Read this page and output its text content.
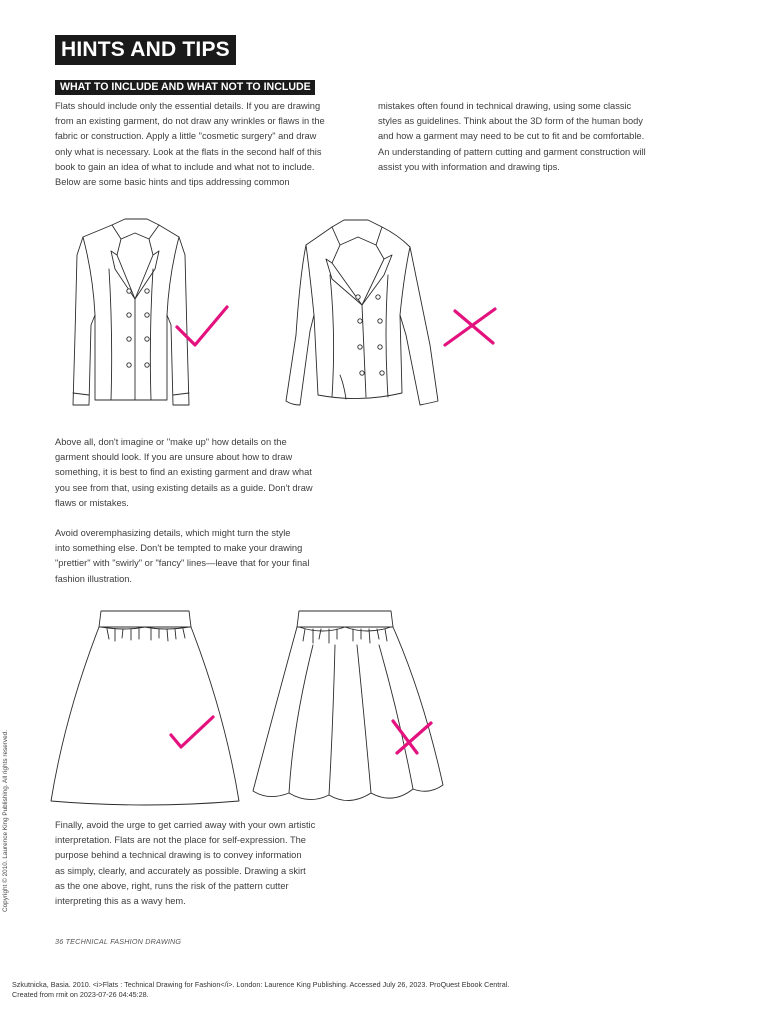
HINTS AND TIPS
WHAT TO INCLUDE AND WHAT NOT TO INCLUDE

Flats should include only the essential details. If you are drawing

from an existing garment, do not draw any wrinkles or flaws in the

fabric or construction. Apply a little "cosmetic surgery" and draw

only what is necessary. Look at the flats in the second half of this

book to gain an idea of what to include and what not to include.

Below are some basic hints and tips addressing common

mistakes often found in technical drawing, using some classic

styles as guidelines. Think about the 3D form of the human body

and how a garment may need to be cut to fit and be comfortable.

An understanding of pattern cutting and garment construction will

assist you with information and drawing tips.

Above all, don't imagine or "make up" how details on the

garment should look. If you are unsure about how to draw

something, it is best to find an existing garment and draw what

you see from that, using existing details as a guide. Don't draw

flaws or mistakes.

Avoid overemphasizing details, which might turn the style

into something else. Don't be tempted to make your drawing

"prettier" with "swirly" or "fancy" lines—leave that for your final

fashion illustration.

Finally, avoid the urge to get carried away with your own artistic

interpretation. Flats are not the place for self-expression. The

purpose behind a technical drawing is to convey information

as simply, clearly, and accurately as possible. Drawing a skirt

as the one above, right, runs the risk of the pattern cutter

interpreting this as a wavy hem.

36 TECHNICAL FASHION DRAWING
Copyright © 2010. Laurence King Publishing. All rights reserved.
Szkutnicka, Basia. 2010. <i>Flats : Technical Drawing for Fashion</i>. London: Laurence King Publishing. Accessed July 26, 2023. ProQuest Ebook Central.
Created from rmit on 2023-07-26 04:45:28.
